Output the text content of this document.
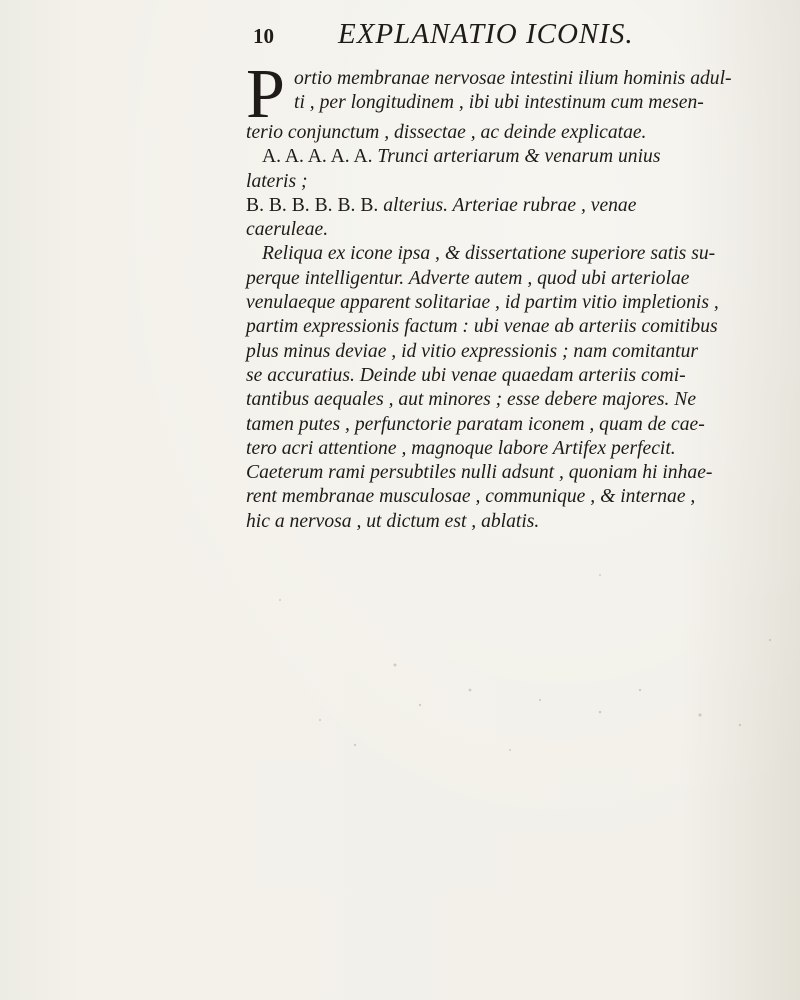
10 EXPLANATIO ICONIS.
P ortio membranae nervosae intestini ilium hominis adul-
ti , per longitudinem , ibi ubi intestinum cum mesen-
terio conjunctum , dissectae , ac deinde explicatae.
A. A. A. A. A. Trunci arteriarum & venarum unius
lateris ;
B. B. B. B. B. B. alterius. Arteriae rubrae , venae
caeruleae.
Reliqua ex icone ipsa , & dissertatione superiore satis su-
perque intelligentur. Adverte autem , quod ubi arteriolae
venulaeque apparent solitariae , id partim vitio impletionis ,
partim expressionis factum : ubi venae ab arteriis comitibus
plus minus deviae , id vitio expressionis ; nam comitantur
se accuratius. Deinde ubi venae quaedam arteriis comi-
tantibus aequales , aut minores ; esse debere majores. Ne
tamen putes , perfunctorie paratam iconem , quam de cae-
tero acri attentione , magnoque labore Artifex perfecit.
Caeterum rami persubtiles nulli adsunt , quoniam hi inhae-
rent membranae musculosae , communique , & internae ,
hic a nervosa , ut dictum est , ablatis.
